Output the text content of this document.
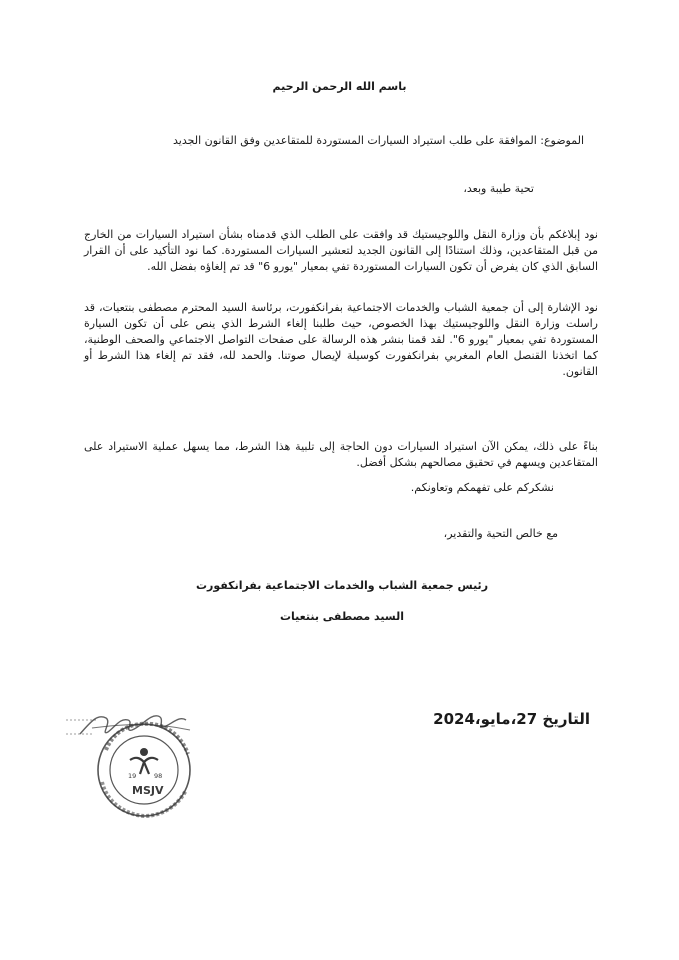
باسم الله الرحمن الرحيم
الموضوع: الموافقة على طلب استيراد السيارات المستوردة للمتقاعدين وفق القانون الجديد
تحية طيبة وبعد،
نود إبلاغكم بأن وزارة النقل واللوجيستيك قد وافقت على الطلب الذي قدمناه بشأن استيراد السيارات من الخارج من قبل المتقاعدين، وذلك استنادًا إلى القانون الجديد لتعشير السيارات المستوردة. كما نود التأكيد على أن القرار السابق الذي كان يفرض أن تكون السيارات المستوردة تفي بمعيار "يورو 6" قد تم إلغاؤه بفضل الله.
نود الإشارة إلى أن جمعية الشباب والخدمات الاجتماعية بفرانكفورت، برئاسة السيد المحترم مصطفى بنتعيات، قد راسلت وزارة النقل واللوجيستيك بهذا الخصوص، حيث طلبنا إلغاء الشرط الذي ينص على أن تكون السيارة المستوردة تفي بمعيار "يورو 6". لقد قمنا بنشر هذه الرسالة على صفحات التواصل الاجتماعي والصحف الوطنية، كما اتخذنا القنصل العام المغربي بفرانكفورت كوسيلة لإيصال صوتنا. والحمد لله، فقد تم إلغاء هذا الشرط أو القانون.
بناءً على ذلك، يمكن الآن استيراد السيارات دون الحاجة إلى تلبية هذا الشرط، مما يسهل عملية الاستيراد على المتقاعدين ويسهم في تحقيق مصالحهم بشكل أفضل.
نشكركم على تفهمكم وتعاونكم.
مع خالص التحية والتقدير،
رئيس جمعية الشباب والخدمات الاجتماعية بفرانكفورت
السيد مصطفى بنتعيات
التاريخ 27،مايو،2024
19	98
MSJV
